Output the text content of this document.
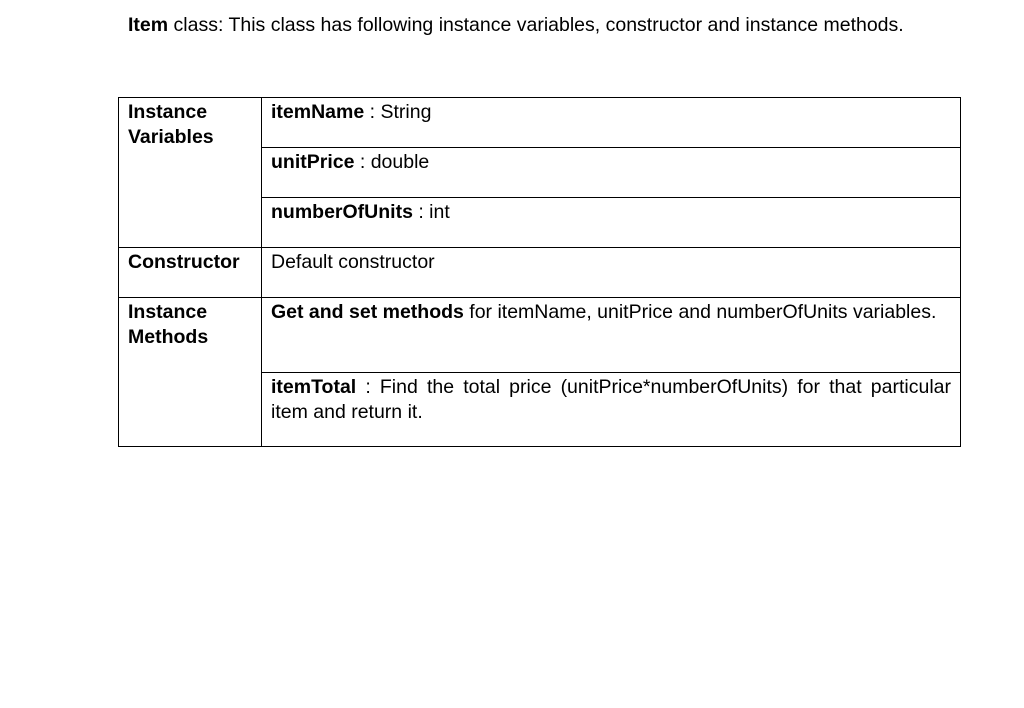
Item class: This class has following instance variables, constructor and instance methods.
Instance Variables	itemName : String
	unitPrice : double
	numberOfUnits : int
Constructor	Default constructor
Instance Methods	Get and set methods for itemName, unitPrice and numberOfUnits variables.
	itemTotal : Find the total price (unitPrice*numberOfUnits) for that particular item and return it.
